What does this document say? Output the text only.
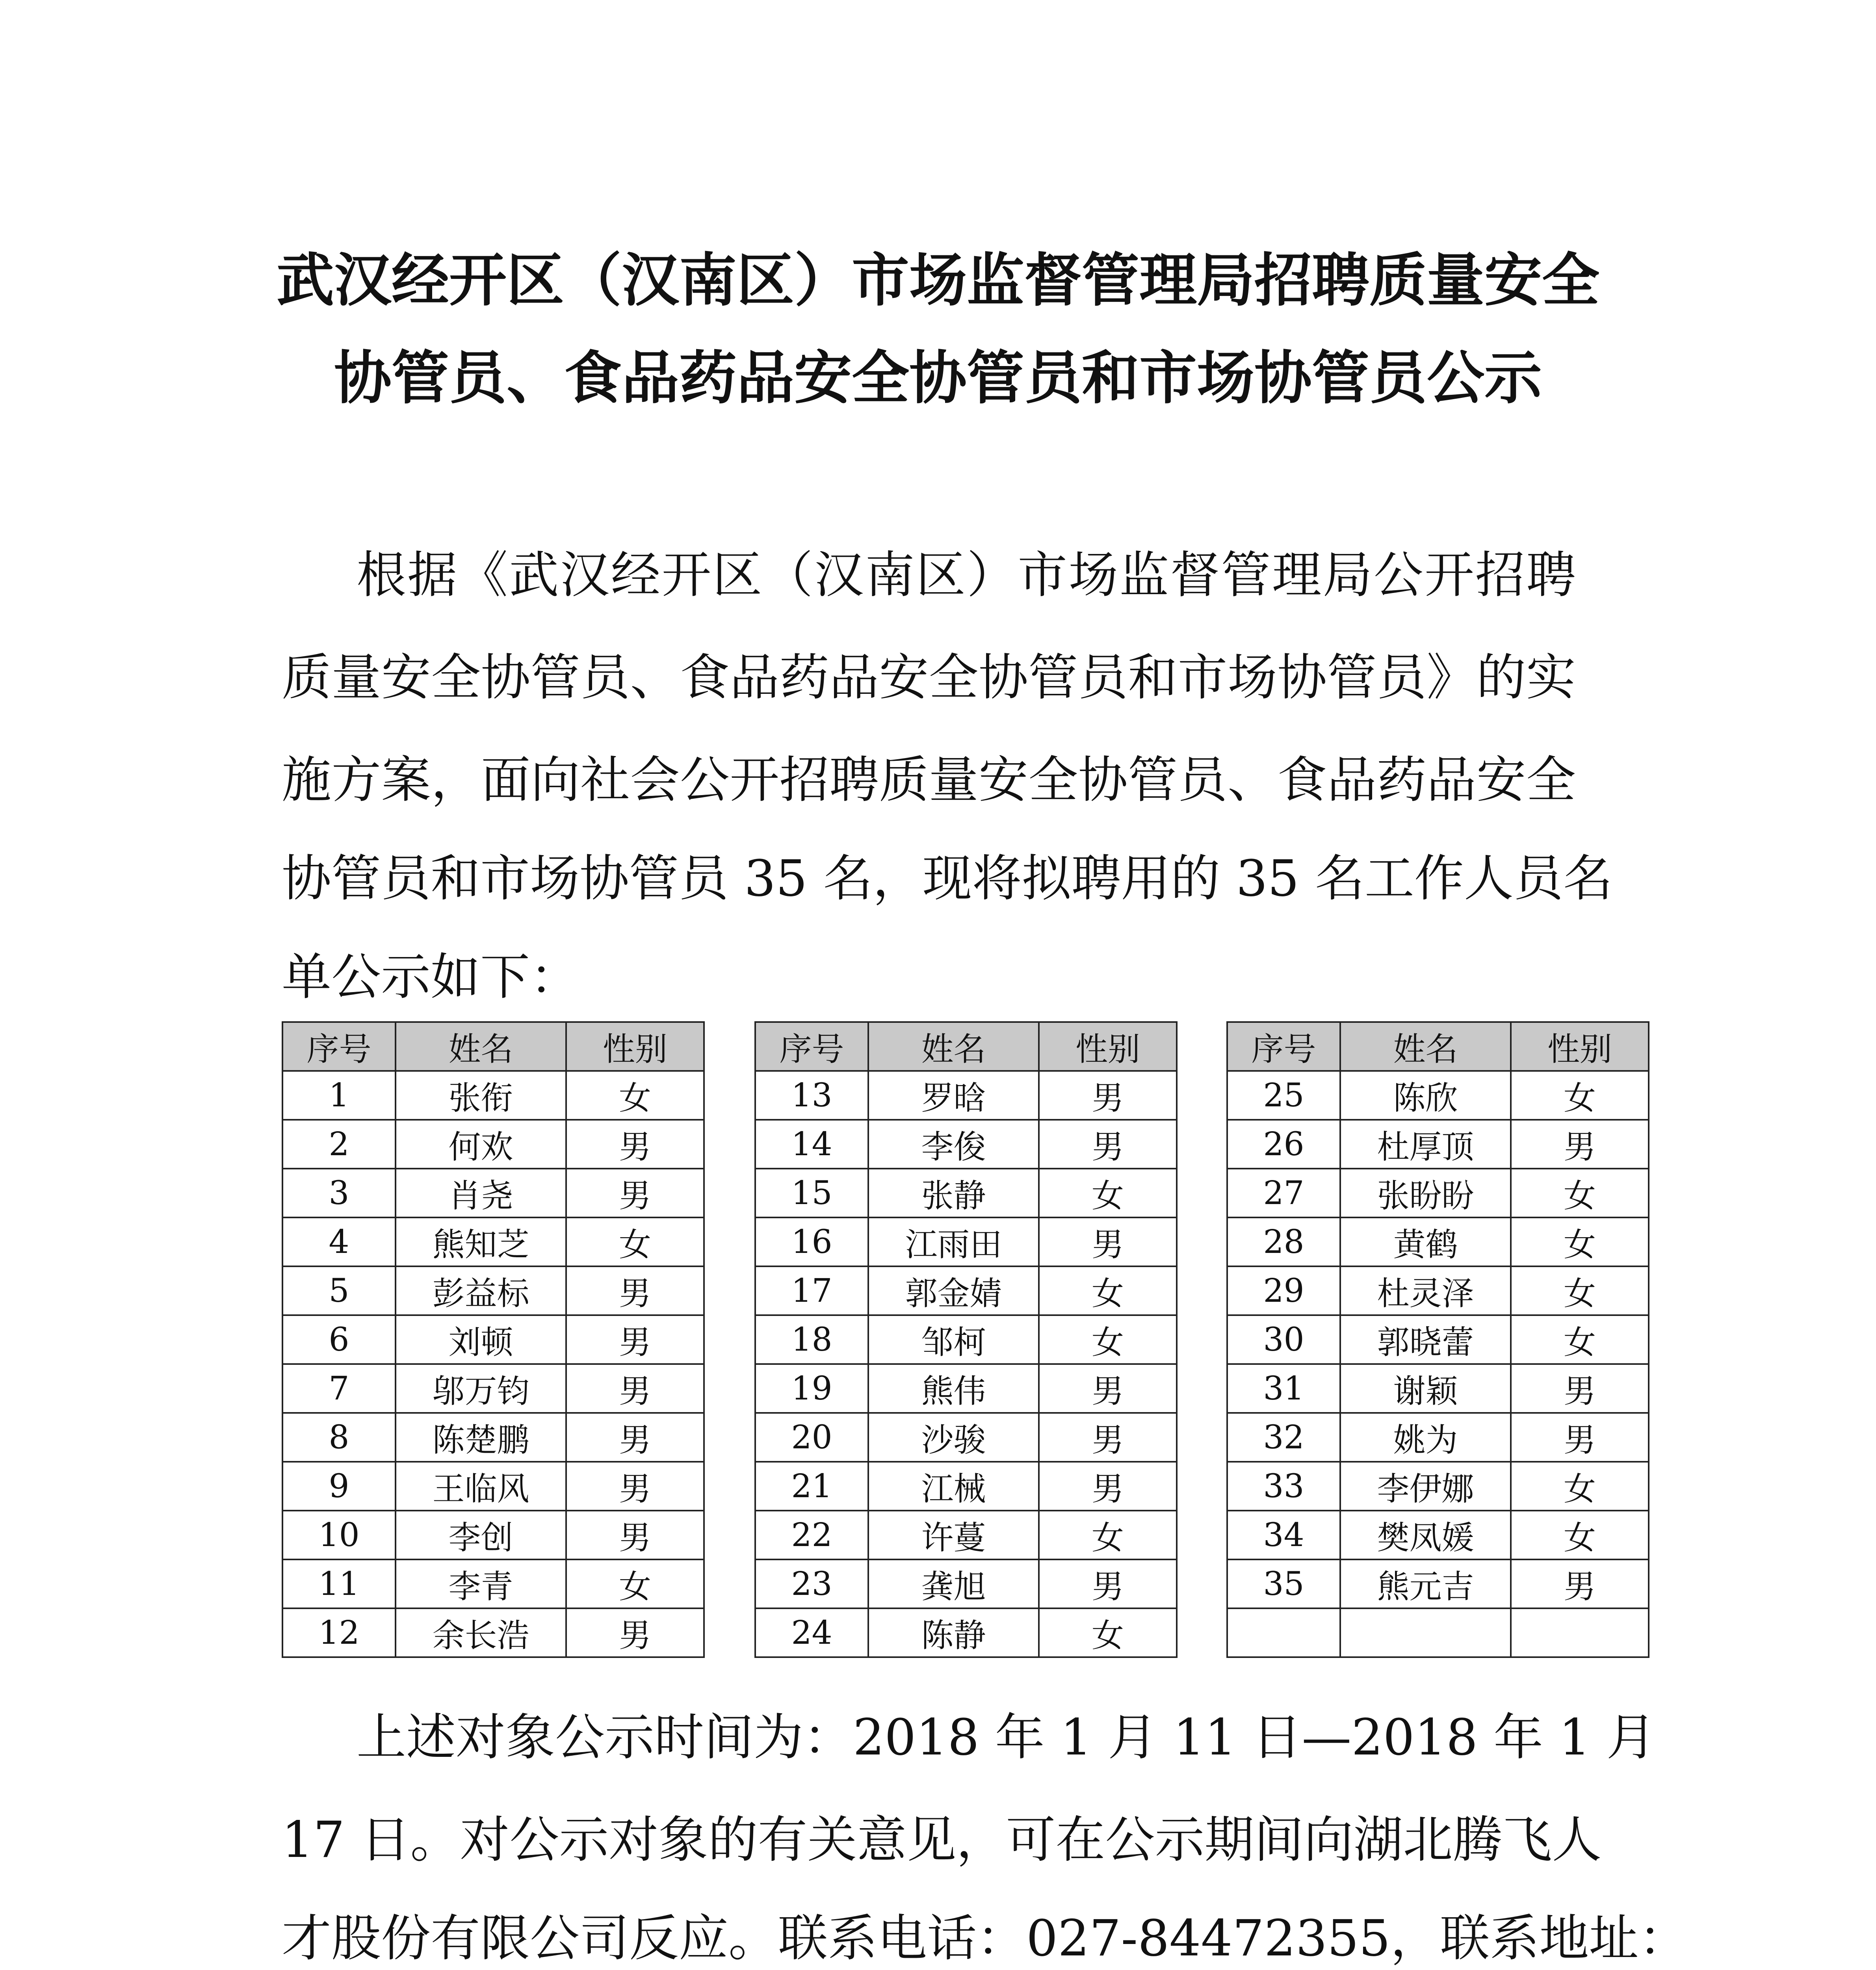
武汉经开区（汉南区）市场监督管理局招聘质量安全
协管员、食品药品安全协管员和市场协管员公示
根据《武汉经开区（汉南区）市场监督管理局公开招聘
质量安全协管员、食品药品安全协管员和市场协管员》的实
施方案，面向社会公开招聘质量安全协管员、食品药品安全
协管员和市场协管员 35 名，现将拟聘用的 35 名工作人员名
单公示如下：
序号	姓名	性别
1	张衔	女
2	何欢	男
3	肖尧	男
4	熊知芝	女
5	彭益标	男
6	刘顿	男
7	邬万钧	男
8	陈楚鹏	男
9	王临风	男
10	李创	男
11	李青	女
12	余长浩	男
序号	姓名	性别
13	罗晗	男
14	李俊	男
15	张静	女
16	江雨田	男
17	郭金婧	女
18	邹柯	女
19	熊伟	男
20	沙骏	男
21	江械	男
22	许蔓	女
23	龚旭	男
24	陈静	女
序号	姓名	性别
25	陈欣	女
26	杜厚顶	男
27	张盼盼	女
28	黄鹤	女
29	杜灵泽	女
30	郭晓蕾	女
31	谢颖	男
32	姚为	男
33	李伊娜	女
34	樊凤媛	女
35	熊元吉	男

上述对象公示时间为：2018 年 1 月 11 日—2018 年 1 月
17 日。对公示对象的有关意见，可在公示期间向湖北腾飞人
才股份有限公司反应。联系电话：027-84472355，联系地址：
